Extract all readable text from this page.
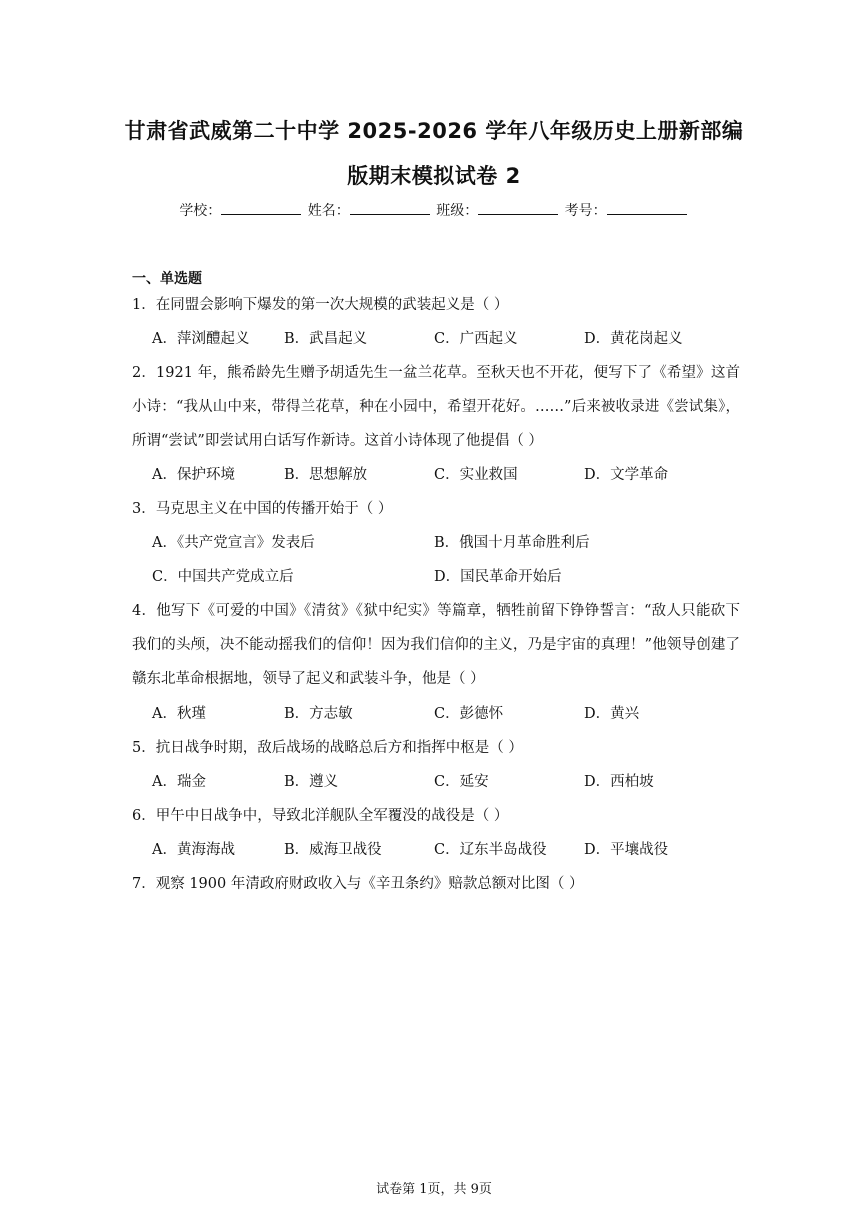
甘肃省武威第二十中学 2025-2026 学年八年级历史上册新部编
版期末模拟试卷 2
学校：	姓名：	班级：	考号：
一、单选题
1．在同盟会影响下爆发的第一次大规模的武装起义是（ ）
A．萍浏醴起义 B．武昌起义	C．广西起义	D．黄花岗起义
2．1921 年，熊希龄先生赠予胡适先生一盆兰花草。至秋天也不开花，便写下了《希望》这首小诗：“我从山中来，带得兰花草，种在小园中，希望开花好。……”后来被收录进《尝试集》，所谓“尝试”即尝试用白话写作新诗。这首小诗体现了他提倡（ ）
A．保护环境	B．思想解放	C．实业救国	D．文学革命
3．马克思主义在中国的传播开始于（ ）
A．《共产党宣言》发表后	B．俄国十月革命胜利后
C．中国共产党成立后	D．国民革命开始后
4．他写下《可爱的中国》《清贫》《狱中纪实》等篇章，牺牲前留下铮铮誓言：“敌人只能砍下我们的头颅，决不能动摇我们的信仰！因为我们信仰的主义，乃是宇宙的真理！”他领导创建了赣东北革命根据地，领导了起义和武装斗争，他是（ ）
A．秋瑾	B．方志敏	C．彭德怀	D．黄兴
5．抗日战争时期，敌后战场的战略总后方和指挥中枢是（ ）
A．瑞金	B．遵义	C．延安	D．西柏坡
6．甲午中日战争中，导致北洋舰队全军覆没的战役是（ ）
A．黄海海战	B．威海卫战役	C．辽东半岛战役	D．平壤战役
7．观察 1900 年清政府财政收入与《辛丑条约》赔款总额对比图（ ）
试卷第 1页，共 9页
